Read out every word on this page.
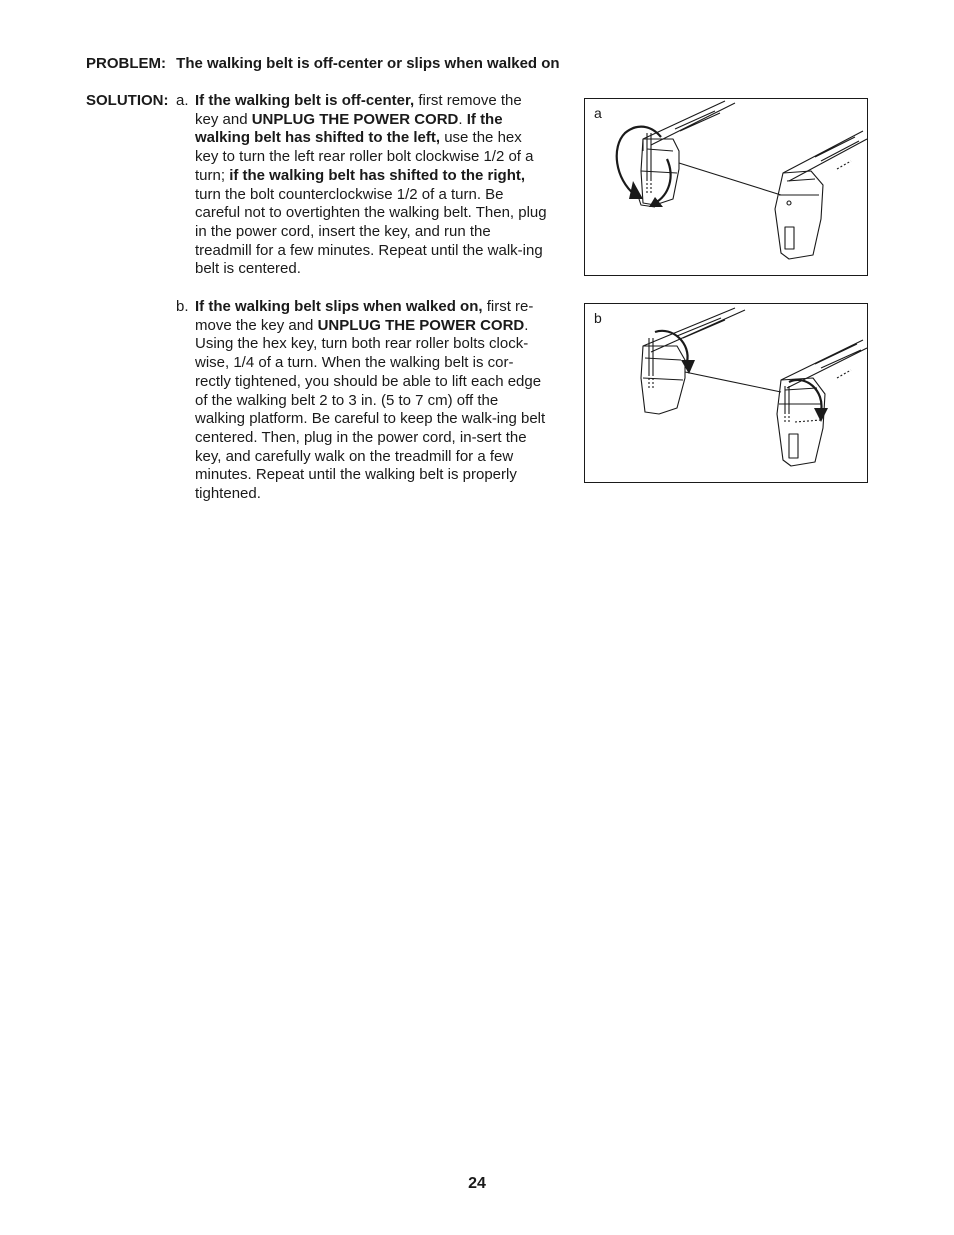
PROBLEM: The walking belt is off-center or slips when walked on
SOLUTION: a. If the walking belt is off-center, first remove the key and UNPLUG THE POWER CORD. If the walking belt has shifted to the left, use the hex key to turn the left rear roller bolt clockwise 1/2 of a turn; if the walking belt has shifted to the right, turn the bolt counterclockwise 1/2 of a turn. Be careful not to overtighten the walking belt. Then, plug in the power cord, insert the key, and run the treadmill for a few minutes. Repeat until the walk-ing belt is centered.
b. If the walking belt slips when walked on, first re-move the key and UNPLUG THE POWER CORD. Using the hex key, turn both rear roller bolts clock-wise, 1/4 of a turn. When the walking belt is cor-rectly tightened, you should be able to lift each edge of the walking belt 2 to 3 in. (5 to 7 cm) off the walking platform. Be careful to keep the walk-ing belt centered. Then, plug in the power cord, in-sert the key, and carefully walk on the treadmill for a few minutes. Repeat until the walking belt is properly tightened.
a
b
24
